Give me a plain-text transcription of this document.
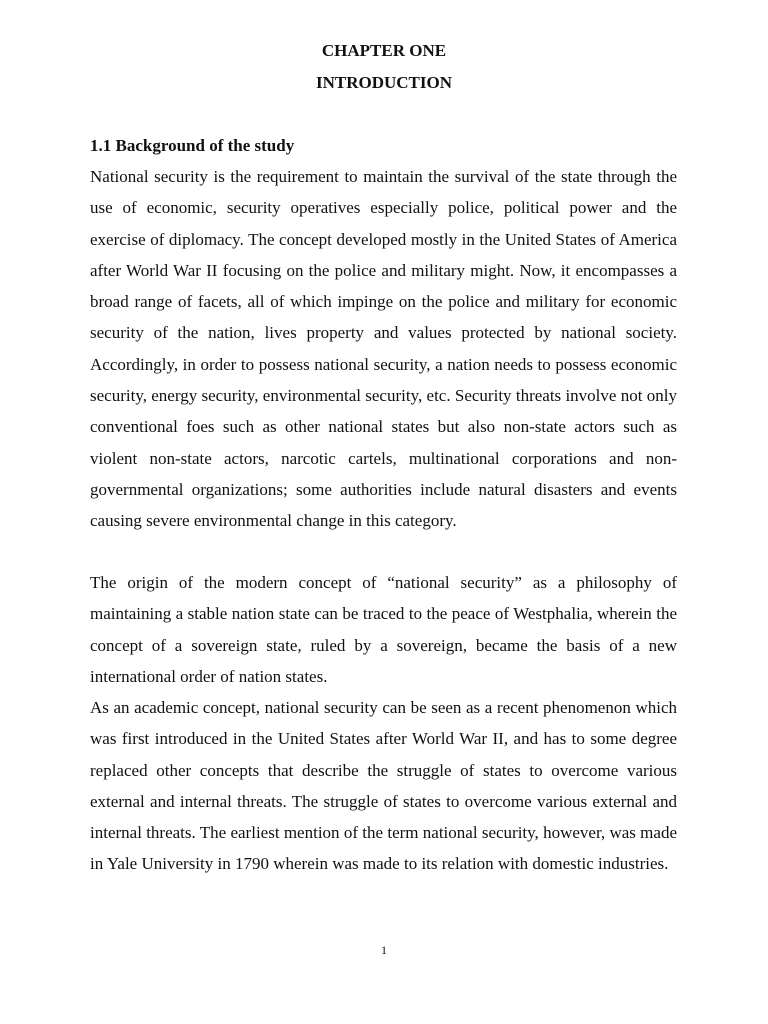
CHAPTER ONE
INTRODUCTION
1.1 Background of the study

National security is the requirement to maintain the survival of the state through the use of economic, security operatives especially police, political power and the exercise of diplomacy. The concept developed mostly in the United States of America after World War II focusing on the police and military might. Now, it encompasses a broad range of facets, all of which impinge on the police and military for economic security of the nation, lives property and values protected by national society. Accordingly, in order to possess national security, a nation needs to possess economic security, energy security, environmental security, etc. Security threats involve not only conventional foes such as other national states but also non-state actors such as violent non-state actors, narcotic cartels, multinational corporations and non-governmental organizations; some authorities include natural disasters and events causing severe environmental change in this category.

The origin of the modern concept of “national security” as a philosophy of maintaining a stable nation state can be traced to the peace of Westphalia, wherein the concept of a sovereign state, ruled by a sovereign, became the basis of a new international order of nation states.

As an academic concept, national security can be seen as a recent phenomenon which was first introduced in the United States after World War II, and has to some degree replaced other concepts that describe the struggle of states to overcome various external and internal threats. The struggle of states to overcome various external and internal threats. The earliest mention of the term national security, however, was made in Yale University in 1790 wherein was made to its relation with domestic industries.

1
